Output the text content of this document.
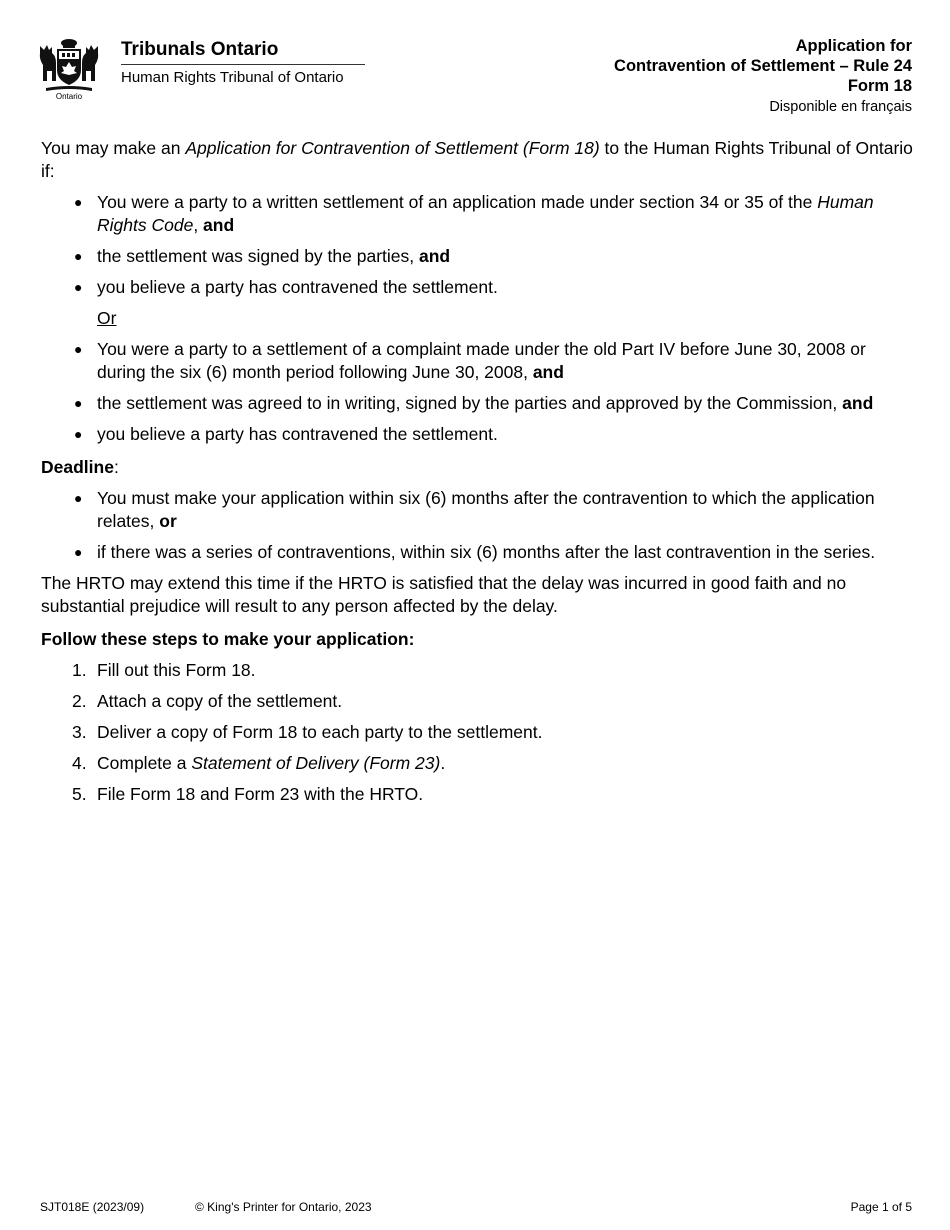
Ontario
Tribunals Ontario
Human Rights Tribunal of Ontario
Application for
Contravention of Settlement – Rule 24
Form 18
Disponible en français

You may make an Application for Contravention of Settlement (Form 18) to the Human Rights Tribunal of Ontario if:

● You were a party to a written settlement of an application made under section 34 or 35 of the Human Rights Code, and
● the settlement was signed by the parties, and
● you believe a party has contravened the settlement.

Or

● You were a party to a settlement of a complaint made under the old Part IV before June 30, 2008 or during the six (6) month period following June 30, 2008, and
● the settlement was agreed to in writing, signed by the parties and approved by the Commission, and
● you believe a party has contravened the settlement.

Deadline:

● You must make your application within six (6) months after the contravention to which the application relates, or
● if there was a series of contraventions, within six (6) months after the last contravention in the series.

The HRTO may extend this time if the HRTO is satisfied that the delay was incurred in good faith and no substantial prejudice will result to any person affected by the delay.

Follow these steps to make your application:

1. Fill out this Form 18.
2. Attach a copy of the settlement.
3. Deliver a copy of Form 18 to each party to the settlement.
4. Complete a Statement of Delivery (Form 23).
5. File Form 18 and Form 23 with the HRTO.
SJT018E (2023/09)	© King's Printer for Ontario, 2023	Page 1 of 5
